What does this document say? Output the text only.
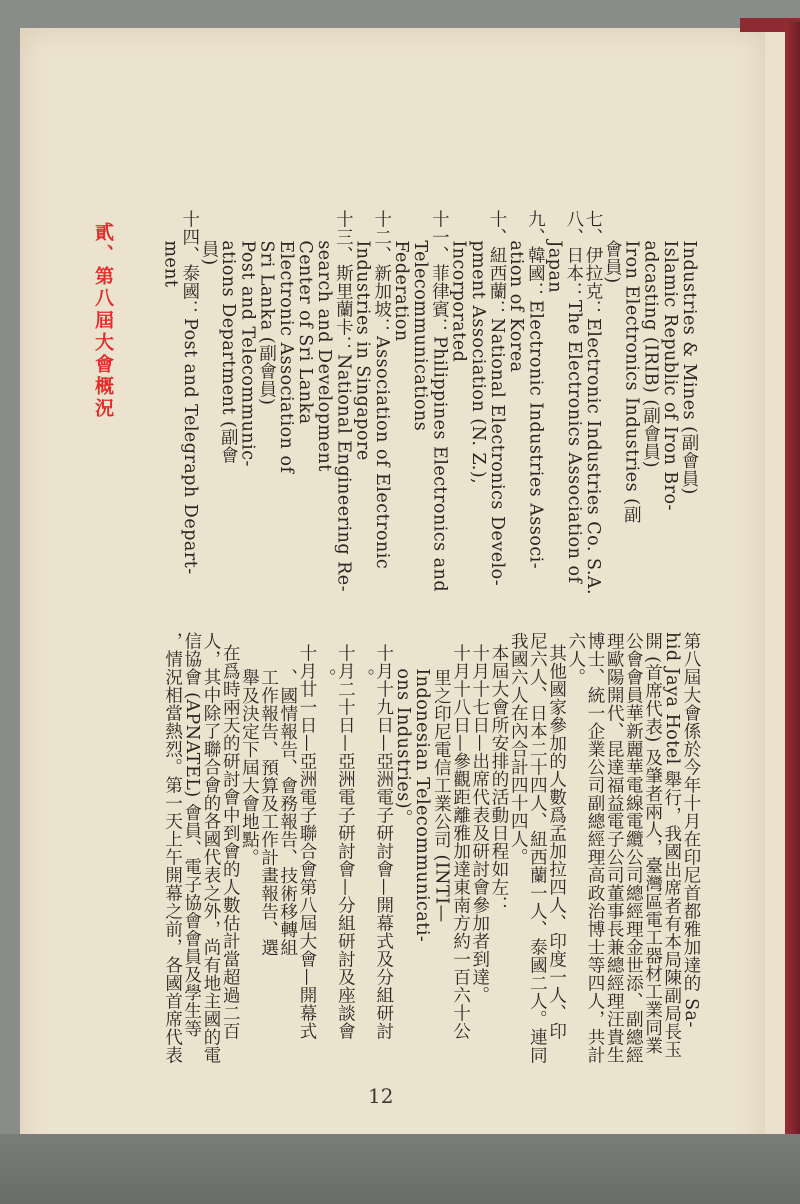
Industries & Mines (副會員)
Islamic Republic of Iron Bro-
adcasting (IRIB) (副會員)
Iron Electronics Industries (副
會員)
七、伊拉克：Electronic Industries Co. S.A.
八、日本：The Electronics Association of
Japan
九、韓國：Electronic Industries Associ-
ation of Korea
十、紐西蘭：National Electronics Develo-
pment Association (N. Z.),
Incorporated
十一、菲律賓：Philippines Electronics and
Telecommunications
Federation
十二、新加坡：Association of Electronic
Industries in Singapore
十三、斯里蘭卡：National Engineering Re-
search and Development
Center of Sri Lanka
Electronic Association of
Sri Lanka (副會員)
Post and Telecommunic-
ations Department (副會
員)
十四、泰國：Post and Telegraph Depart-
ment
第八屆大會係於今年十月在印尼首都雅加達的 Sa-
hid Jaya Hotel 舉行，我國出席者有本局陳副局長玉
開 (首席代表) 及肇者兩人，臺灣區電工器材工業同業
公會會員華新麗華電線電纜公司總經理金世添、副總經
理歐陽開代、昆達福益電子公司董事長兼總經理汪貴生
博士、統一企業公司副總經理高政治博士等四人，共計
六人。
其他國家參加的人數爲孟加拉四人、印度一人、印
尼六人、日本二十四人、紐西蘭一人、泰國二人。連同
我國六人在內合計四十四人。
本屆大會所安排的活動日程如左：
十月十七日—出席代表及研討會參加者到達。
十月十八日—參觀距離雅加達東南方約一百六十公
里之印尼電信工業公司 (INTI—
Indonesian Telecommunicati-
ons Industries)。
十月十九日—亞洲電子研討會—開幕式及分組研討
。
十月二十日—亞洲電子研討會—分組研討及座談會
。
十月廿一日—亞洲電子聯合會第八屆大會—開幕式
、國情報告、會務報告、技術移轉組
工作報告、預算及工作計畫報告、選
舉及決定下屆大會地點。
在爲時兩天的研討會中到會的人數估計當超過二百
人，其中除了聯合會的各國代表之外，尚有地主國的電
信協會 (APNATEL) 會員、電子協會會員及學生等
，情況相當熱烈。第一天上午開幕之前，各國首席代表
貳、第八屆大會概況
12
